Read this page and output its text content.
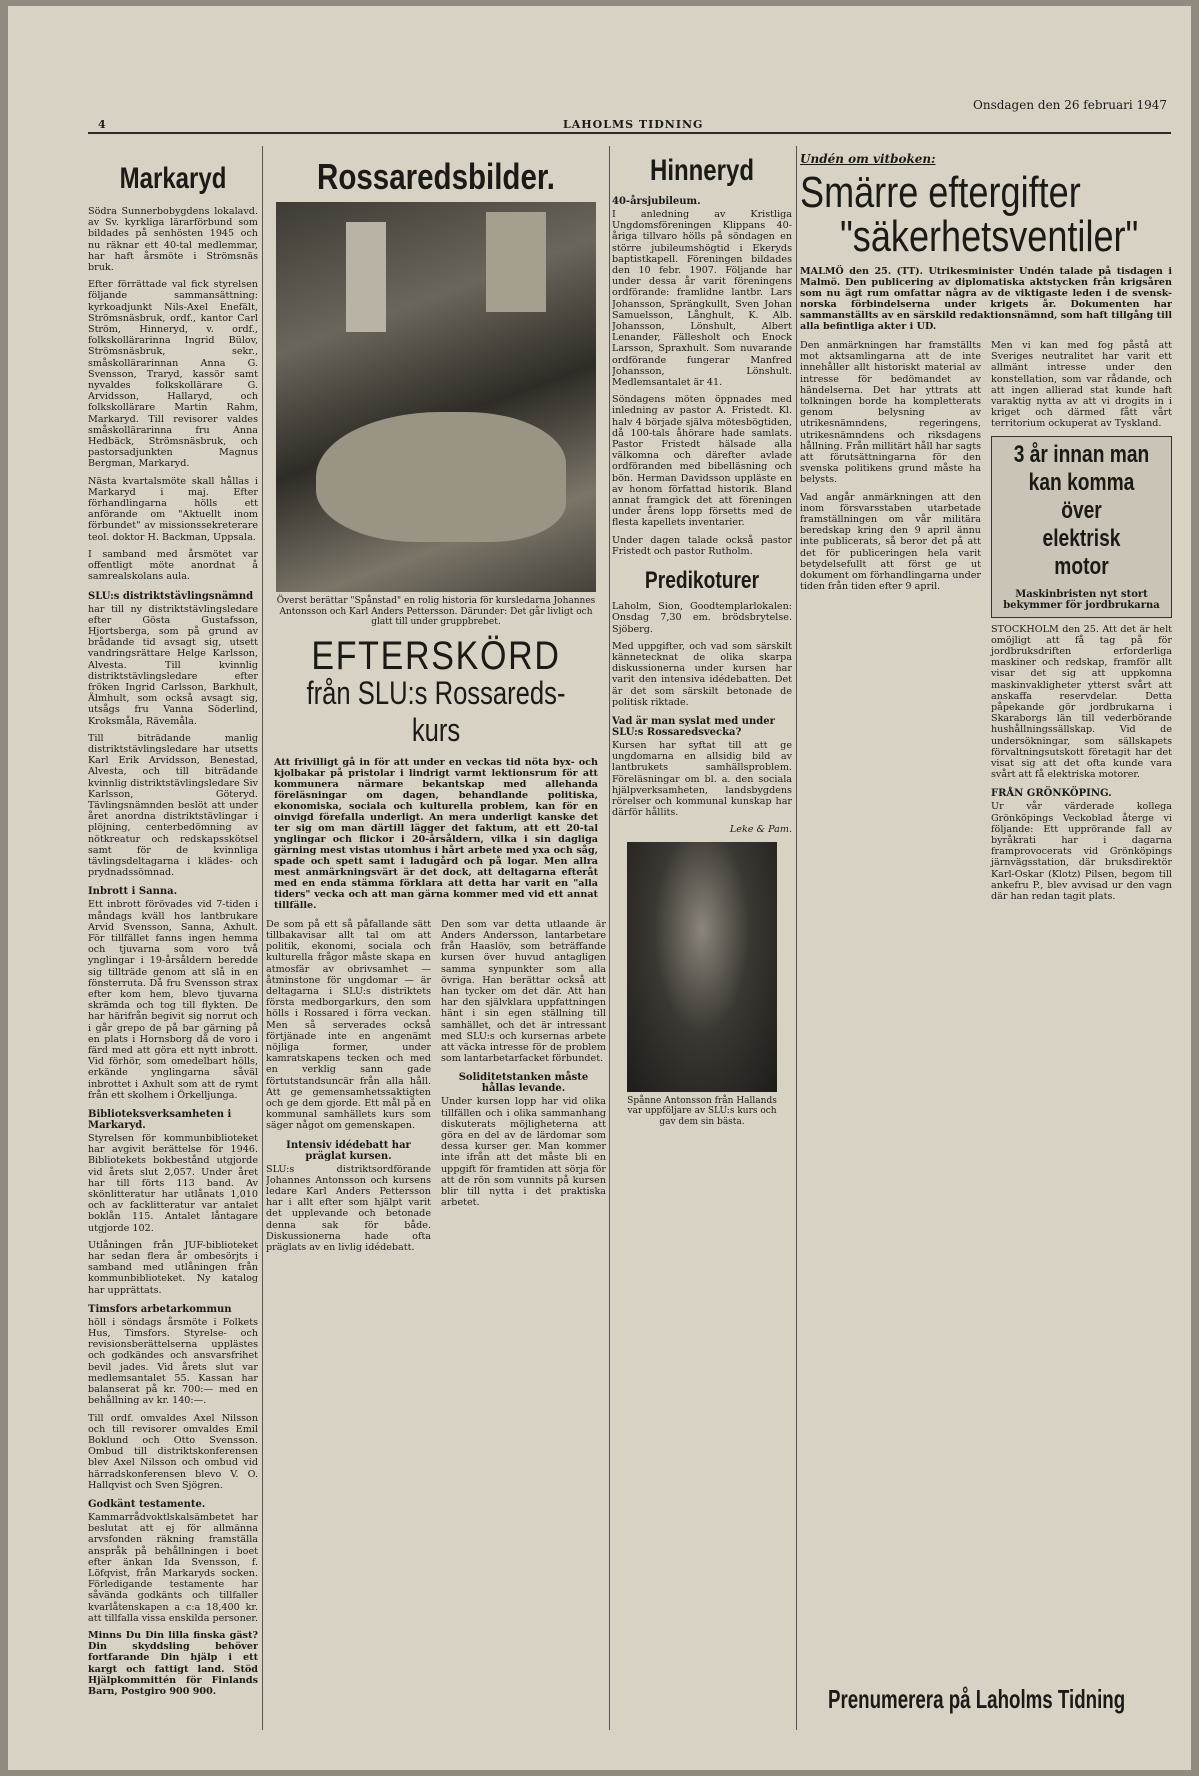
4	LAHOLMS TIDNING
Onsdagen den 26 februari 1947
Markaryd

Södra Sunnerbobygdens lokalavd. av Sv. kyrkliga lärarförbund som bildades på senhösten 1945 och nu räknar ett 40-tal medlemmar, har haft årsmöte i Strömsnäs bruk.

Efter förrättade val fick styrelsen följande sammansättning: kyrkoadjunkt Nils-Axel Enefält, Strömsnäsbruk, ordf., kantor Carl Ström, Hinneryd, v. ordf., folkskollärarinna Ingrid Bülov, Strömsnäsbruk, sekr., småskollärarinnan Anna G. Svensson, Traryd, kassör samt nyvaldes folkskollärare G. Arvidsson, Hallaryd, och folkskollärare Martin Rahm, Markaryd. Till revisorer valdes småskollärarinna fru Anna Hedbäck, Strömsnäsbruk, och pastorsadjunkten Magnus Bergman, Markaryd.

Nästa kvartalsmöte skall hållas i Markaryd i maj. Efter förhandlingarna hölls ett anförande om "Aktuellt inom förbundet" av missionssekreterare teol. doktor H. Backman, Uppsala.

I samband med årsmötet var offentligt möte anordnat å samrealskolans aula.

SLU:s distriktstävlingsnämnd

har till ny distriktstävlingsledare efter Gösta Gustafsson, Hjortsberga, som på grund av brådande tid avsagt sig, utsett vandringsrättare Helge Karlsson, Alvesta. Till kvinnlig distriktstävlingsledare efter fröken Ingrid Carlsson, Barkhult, Älmhult, som också avsagt sig, utsågs fru Vanna Söderlind, Kroksmåla, Rävemåla.

Till biträdande manlig distriktstävlingsledare har utsetts Karl Erik Arvidsson, Benestad, Alvesta, och till biträdande kvinnlig distriktstävlingsledare Siv Karlsson, Göteryd. Tävlingsnämnden beslöt att under året anordna distriktstävlingar i plöjning, centerbedömning av nötkreatur och redskapsskötsel samt för de kvinnliga tävlingsdeltagarna i klädes- och prydnadssömnad.

Inbrott i Sanna.

Ett inbrott förövades vid 7-tiden i måndags kväll hos lantbrukare Arvid Svensson, Sanna, Axhult. För tillfället fanns ingen hemma och tjuvarna som voro två ynglingar i 19-årsåldern beredde sig tillträde genom att slå in en fönsterruta. Då fru Svensson strax efter kom hem, blevo tjuvarna skrämda och tog till flykten. De har härifrån begivit sig norrut och i går grepo de på bar gärning på en plats i Hornsborg då de voro i färd med att göra ett nytt inbrott. Vid förhör, som omedelbart hölls, erkände ynglingarna såväl inbrottet i Axhult som att de rymt från ett skolhem i Örkelljunga.

Biblioteksverksamheten i Markaryd.

Styrelsen för kommunbiblioteket har avgivit berättelse för 1946. Bibliotekets bokbestånd utgjorde vid årets slut 2,057. Under året har till förts 113 band. Av skönlitteratur har utlånats 1,010 och av facklitteratur var antalet boklån 115. Antalet låntagare utgjorde 102.

Utlåningen från JUF-biblioteket har sedan flera år ombesörjts i samband med utlåningen från kommunbiblioteket. Ny katalog har upprättats.

Timsfors arbetarkommun

höll i söndags årsmöte i Folkets Hus, Timsfors. Styrelse- och revisionsberättelserna upplästes och godkändes och ansvarsfrihet bevil jades. Vid årets slut var medlemsantalet 55. Kassan har balanserat på kr. 700:— med en behållning av kr. 140:—.

Till ordf. omvaldes Axel Nilsson och till revisorer omvaldes Emil Boklund och Otto Svensson. Ombud till distriktskonferensen blev Axel Nilsson och ombud vid härradskonferensen blevo V. O. Hallqvist och Sven Sjögren.

Godkänt testamente.

Kammarrådvoktlskalsämbetet har beslutat att ej för allmänna arvsfonden räkning framställa anspråk på behållningen i boet efter änkan Ida Svensson, f. Löfqvist, från Markaryds socken. Förledigande testamente har såvända godkänts och tillfaller kvarlåtenskapen a c:a 18,400 kr. att tillfalla vissa enskilda personer.

Minns Du Din lilla finska gäst? Din skyddsling behöver fortfarande Din hjälp i ett kargt och fattigt land. Stöd Hjälpkommittén för Finlands Barn, Postgiro 900 900.

Rossaredsbilder.
Överst berättar "Spånstad" en rolig historia för kursledarna Johannes Antonsson och Karl Anders Pettersson. Därunder: Det går livligt och glatt till under gruppbrebet.
EFTERSKÖRD
från SLU:s Rossareds-kurs

Att frivilligt gå in för att under en veckas tid nöta byx- och kjolbakar på pristolar i lindrigt varmt lektionsrum för att kommunera närmare bekantskap med allehanda föreläsningar om dagen, behandlande politiska, ekonomiska, sociala och kulturella problem, kan för en oinvigd förefalla underligt. An mera underligt kanske det ter sig om man därtill lägger det faktum, att ett 20-tal ynglingar och flickor i 20-årsåldern, vilka i sin dagliga gärning mest vistas utomhus i hårt arbete med yxa och såg, spade och spett samt i ladugård och på logar. Men allra mest anmärkningsvärt är det dock, att deltagarna efteråt med en enda stämma förklara att detta har varit en "alla tiders" vecka och att man gärna kommer med vid ett annat tillfälle.

De som på ett så påfallande sätt tillbakavisar allt tal om att politik, ekonomi, sociala och kulturella frågor måste skapa en atmosfär av obrivsamhet — åtminstone för ungdomar — är deltagarna i SLU:s distriktets första medborgarkurs, den som hölls i Rossared i förra veckan. Men så serverades också förtjänade inte en angenämt nöjliga former, under kamratskapens tecken och med en verklig sann gade förtutstandsuncär från alla håll. Att ge gemensamhetssaktigten och ge dem gjorde. Ett mål på en kommunal samhällets kurs som säger något om gemenskapen.

Intensiv idédebatt har präglat kursen.

SLU:s distriktsordförande Johannes Antonsson och kursens ledare Karl Anders Pettersson har i allt efter som hjälpt varit det upplevande och betonade denna sak för både. Diskussionerna hade ofta präglats av en livlig idédebatt.

Den som var detta utlaande är Anders Andersson, lantarbetare från Haaslöv, som beträffande kursen över huvud antagligen samma synpunkter som alla övriga. Han berättar också att han tycker om det där. Att han har den självklara uppfattningen hänt i sin egen ställning till samhället, och det är intressant med SLU:s och kursernas arbete att väcka intresse för de problem som lantarbetarfacket förbundet.

Soliditetstanken måste hållas levande.

Under kursen lopp har vid olika tillfällen och i olika sammanhang diskuterats möjligheterna att göra en del av de lärdomar som dessa kurser ger. Man kommer inte ifrån att det måste bli en uppgift för framtiden att sörja för att de rön som vunnits på kursen blir till nytta i det praktiska arbetet.

Hinneryd
40-årsjubileum.

I anledning av Kristliga Ungdomsföreningen Klippans 40-åriga tillvaro hölls på söndagen en större jubileumshögtid i Ekeryds baptistkapell. Föreningen bildades den 10 febr. 1907. Följande har under dessa år varit föreningens ordförande: framlidne lantbr. Lars Johansson, Sprängkullt, Sven Johan Samuelsson, Långhult, K. Alb. Johansson, Lönshult, Albert Lenander, Fällesholt och Enock Larsson, Spraxhult. Som nuvarande ordförande fungerar Manfred Johansson, Lönshult. Medlemsantalet är 41.

Söndagens möten öppnades med inledning av pastor A. Fristedt. Kl. halv 4 började själva mötesbögtiden, då 100-tals åhörare hade samlats. Pastor Fristedt hälsade alla välkomna och därefter avlade ordföranden med bibelläsning och bön. Herman Davidsson uppläste en av honom författad historik. Bland annat framgick det att föreningen under årens lopp försetts med de flesta kapellets inventarier.

Under dagen talade också pastor Fristedt och pastor Rutholm.

Predikoturer

Laholm, Sion, Goodtemplarlokalen: Onsdag 7,30 em. brödsbrytelse. Sjöberg.

Med uppgifter, och vad som särskilt kännetecknat de olika skarpa diskussionerna under kursen har varit den intensiva idédebatten. Det är det som särskilt betonade de politisk riktade.

Vad är man syslat med under SLU:s Rossaredsvecka?

Kursen har syftat till att ge ungdomarna en allsidig bild av lantbrukets samhällsproblem. Föreläsningar om bl. a. den sociala hjälpverksamheten, landsbygdens rörelser och kommunal kunskap har därför hållits.

Leke & Pam.
Spånne Antonsson från Hallands var uppföljare av SLU:s kurs och gav dem sin bästa.
Undén om vitboken:
Smärre eftergifter
"säkerhetsventiler"

MALMÖ den 25. (TT). Utrikesminister Undén talade på tisdagen i Malmö. Den publicering av diplomatiska aktstycken från krigsåren som nu ägt rum omfattar några av de viktigaste leden i de svensk-norska förbindelserna under krigets år. Dokumenten har sammanställts av en särskild redaktionsnämnd, som haft tillgång till alla befintliga akter i UD.

Den anmärkningen har framställts mot aktsamlingarna att de inte innehåller allt historiskt material av intresse för bedömandet av händelserna. Det har yttrats att tolkningen borde ha kompletterats genom belysning av utrikesnämndens, regeringens, utrikesnämndens och riksdagens hållning. Från millitärt håll har sagts att förutsättningarna för den svenska politikens grund måste ha belysts.

Vad angår anmärkningen att den inom försvarsstaben utarbetade framställningen om vår militära beredskap kring den 9 april ännu inte publicerats, så beror det på att det för publiceringen hela varit betydelsefullt att först ge ut dokument om förhandlingarna under tiden från tiden efter 9 april.

Men vi kan med fog påstå att Sveriges neutralitet har varit ett allmänt intresse under den konstellation, som var rådande, och att ingen allierad stat kunde haft varaktig nytta av att vi drogits in i kriget och därmed fått vårt territorium ockuperat av Tyskland.

3 år innan man
kan komma över
elektrisk motor
Maskinbristen nyt stort bekymmer för jordbrukarna

STOCKHOLM den 25. Att det är helt omöjligt att få tag på för jordbruksdriften erforderliga maskiner och redskap, framför allt visar det sig att uppkomna maskinvakligheter ytterst svårt att anskaffa reservdelar. Detta påpekande gör jordbrukarna i Skaraborgs län till vederbörande hushållningssällskap. Vid de undersökningar, som sällskapets förvaltningsutskott företagit har det visat sig att det ofta kunde vara svårt att få elektriska motorer.

FRÅN GRÖNKÖPING.

Ur vår värderade kollega Grönköpings Veckoblad återge vi följande: Ett upprörande fall av byråkrati har i dagarna framprovocerats vid Grönköpings järnvägsstation, där bruksdirektör Karl-Oskar (Klotz) Pilsen, begom till ankefru P., blev avvisad ur den vagn där han redan tagit plats.

Prenumerera på Laholms Tidning
